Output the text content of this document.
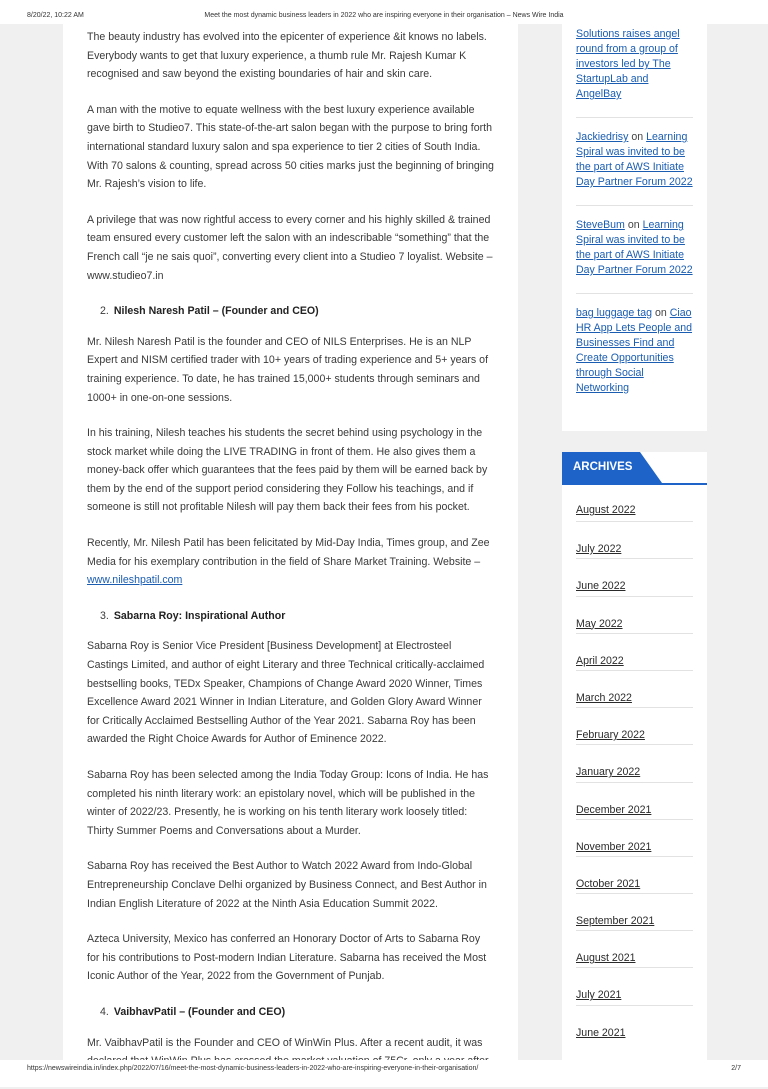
8/20/22, 10:22 AM	Meet the most dynamic business leaders in 2022 who are inspiring everyone in their organisation – News Wire India

The beauty industry has evolved into the epicenter of experience &it knows no labels. Everybody wants to get that luxury experience, a thumb rule Mr. Rajesh Kumar K recognised and saw beyond the existing boundaries of hair and skin care.

A man with the motive to equate wellness with the best luxury experience available gave birth to Studieo7. This state-of-the-art salon began with the purpose to bring forth international standard luxury salon and spa experience to tier 2 cities of South India. With 70 salons & counting, spread across 50 cities marks just the beginning of bringing Mr. Rajesh’s vision to life.

A privilege that was now rightful access to every corner and his highly skilled & trained team ensured every customer left the salon with an indescribable “something” that the French call “je ne sais quoi”, converting every client into a Studieo 7 loyalist. Website – www.studieo7.in

2. Nilesh Naresh Patil – (Founder and CEO)

Mr. Nilesh Naresh Patil is the founder and CEO of NILS Enterprises. He is an NLP Expert and NISM certified trader with 10+ years of trading experience and 5+ years of training experience. To date, he has trained 15,000+ students through seminars and 1000+ in one-on-one sessions.

In his training, Nilesh teaches his students the secret behind using psychology in the stock market while doing the LIVE TRADING in front of them. He also gives them a money-back offer which guarantees that the fees paid by them will be earned back by them by the end of the support period considering they Follow his teachings, and if someone is still not profitable Nilesh will pay them back their fees from his pocket.

Recently, Mr. Nilesh Patil has been felicitated by Mid-Day India, Times group, and Zee Media for his exemplary contribution in the field of Share Market Training. Website – www.nileshpatil.com

3. Sabarna Roy: Inspirational Author

Sabarna Roy is Senior Vice President [Business Development] at Electrosteel Castings Limited, and author of eight Literary and three Technical critically-acclaimed bestselling books, TEDx Speaker, Champions of Change Award 2020 Winner, Times Excellence Award 2021 Winner in Indian Literature, and Golden Glory Award Winner for Critically Acclaimed Bestselling Author of the Year 2021. Sabarna Roy has been awarded the Right Choice Awards for Author of Eminence 2022.

Sabarna Roy has been selected among the India Today Group: Icons of India. He has completed his ninth literary work: an epistolary novel, which will be published in the winter of 2022/23. Presently, he is working on his tenth literary work loosely titled: Thirty Summer Poems and Conversations about a Murder.

Sabarna Roy has received the Best Author to Watch 2022 Award from Indo-Global Entrepreneurship Conclave Delhi organized by Business Connect, and Best Author in Indian English Literature of 2022 at the Ninth Asia Education Summit 2022.

Azteca University, Mexico has conferred an Honorary Doctor of Arts to Sabarna Roy for his contributions to Post-modern Indian Literature. Sabarna has received the Most Iconic Author of the Year, 2022 from the Government of Punjab.

4. VaibhavPatil – (Founder and CEO)

Mr. VaibhavPatil is the Founder and CEO of WinWin Plus. After a recent audit, it was

Solutions raises angel round from a group of investors led by The StartupLab and AngelBay
Jackiedrisy on Learning Spiral was invited to be the part of AWS Initiate Day Partner Forum 2022
SteveBum on Learning Spiral was invited to be the part of AWS Initiate Day Partner Forum 2022
bag luggage tag on Ciao HR App Lets People and Businesses Find and Create Opportunities through Social Networking
ARCHIVES
August 2022
July 2022
June 2022
May 2022
April 2022
March 2022
February 2022
January 2022
December 2021
November 2021
October 2021
September 2021
August 2021
July 2021
June 2021
https://newswireindia.in/index.php/2022/07/16/meet-the-most-dynamic-business-leaders-in-2022-who-are-inspiring-everyone-in-their-organisation/	2/7
